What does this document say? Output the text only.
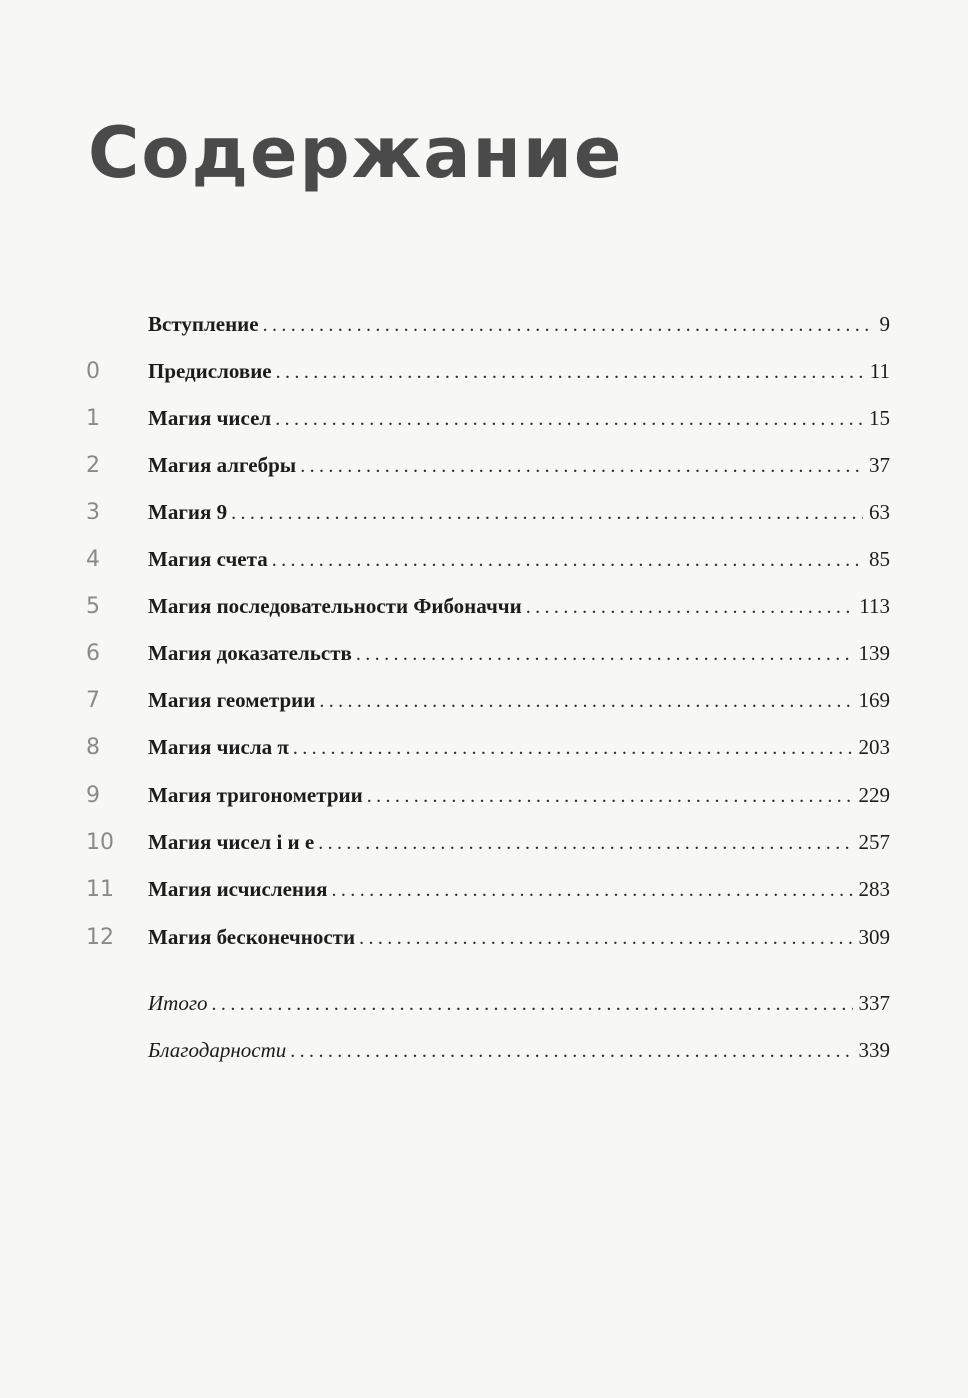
Содержание
Вступление .....	9
0	Предисловие .....	11
1	Магия чисел .....	15
2	Магия алгебры .....	37
3	Магия 9 .....	63
4	Магия счета .....	85
5	Магия последовательности Фибоначчи .....	113
6	Магия доказательств .....	139
7	Магия геометрии .....	169
8	Магия числа π .....	203
9	Магия тригонометрии .....	229
10	Магия чисел i и e .....	257
11	Магия исчисления .....	283
12	Магия бесконечности .....	309
Итого .....	337
Благодарности .....	339
